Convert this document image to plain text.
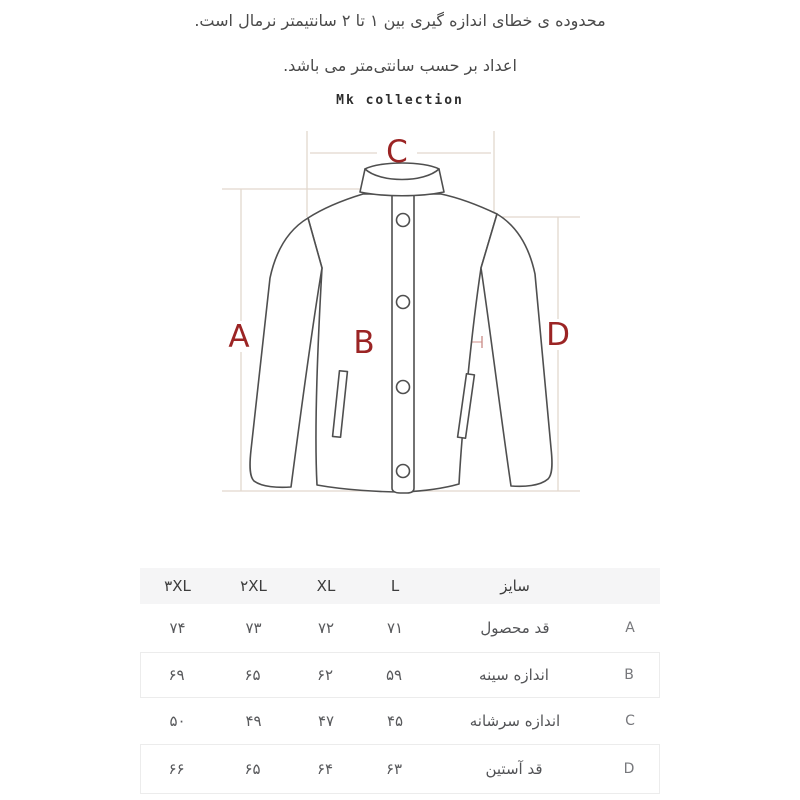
محدوده ی خطای اندازه گیری بین ۱ تا ۲ سانتیمتر نرمال است.
اعداد بر حسب سانتی‌متر می باشد.
Mk collection
C
A	B	D
سایز
L
XL
۲XL
۳XL
A
قد محصول
۷۱
۷۲
۷۳
۷۴
B
اندازه سینه
۵۹
۶۲
۶۵
۶۹
C
اندازه سرشانه
۴۵
۴۷
۴۹
۵۰
D
قد آستین
۶۳
۶۴
۶۵
۶۶
